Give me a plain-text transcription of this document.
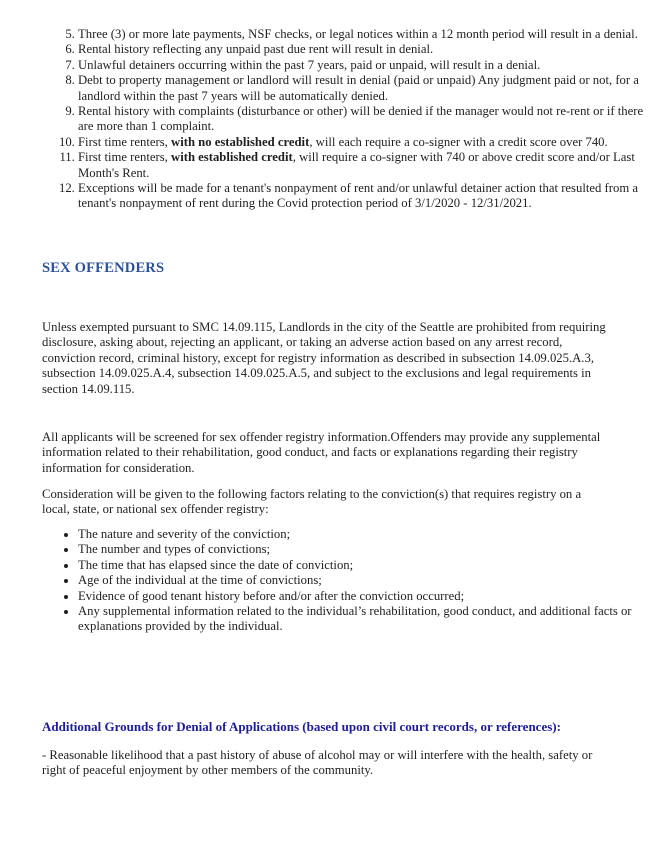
5. Three (3) or more late payments, NSF checks, or legal notices within a 12 month period will result in a denial.
6. Rental history reflecting any unpaid past due rent will result in denial.
7. Unlawful detainers occurring within the past 7 years, paid or unpaid, will result in a denial.
8. Debt to property management or landlord will result in denial (paid or unpaid) Any judgment paid or not, for a landlord within the past 7 years will be automatically denied.
9. Rental history with complaints (disturbance or other) will be denied if the manager would not re-rent or if there are more than 1 complaint.
10. First time renters, with no established credit, will each require a co-signer with a credit score over 740.
11. First time renters, with established credit, will require a co-signer with 740 or above credit score and/or Last Month's Rent.
12. Exceptions will be made for a tenant's nonpayment of rent and/or unlawful detainer action that resulted from a tenant's nonpayment of rent during the Covid protection period of 3/1/2020 - 12/31/2021.
SEX OFFENDERS

Unless exempted pursuant to SMC 14.09.115, Landlords in the city of the Seattle are prohibited from requiring disclosure, asking about, rejecting an applicant, or taking an adverse action based on any arrest record, conviction record, criminal history, except for registry information as described in subsection 14.09.025.A.3, subsection 14.09.025.A.4, subsection 14.09.025.A.5, and subject to the exclusions and legal requirements in section 14.09.115.

All applicants will be screened for sex offender registry information.Offenders may provide any supplemental information related to their rehabilitation, good conduct, and facts or explanations regarding their registry information for consideration.

Consideration will be given to the following factors relating to the conviction(s) that requires registry on a local, state, or national sex offender registry:

• The nature and severity of the conviction;
• The number and types of convictions;
• The time that has elapsed since the date of conviction;
• Age of the individual at the time of convictions;
• Evidence of good tenant history before and/or after the conviction occurred;
• Any supplemental information related to the individual’s rehabilitation, good conduct, and additional facts or explanations provided by the individual.
Additional Grounds for Denial of Applications (based upon civil court records, or references):

- Reasonable likelihood that a past history of abuse of alcohol may or will interfere with the health, safety or right of peaceful enjoyment by other members of the community.
